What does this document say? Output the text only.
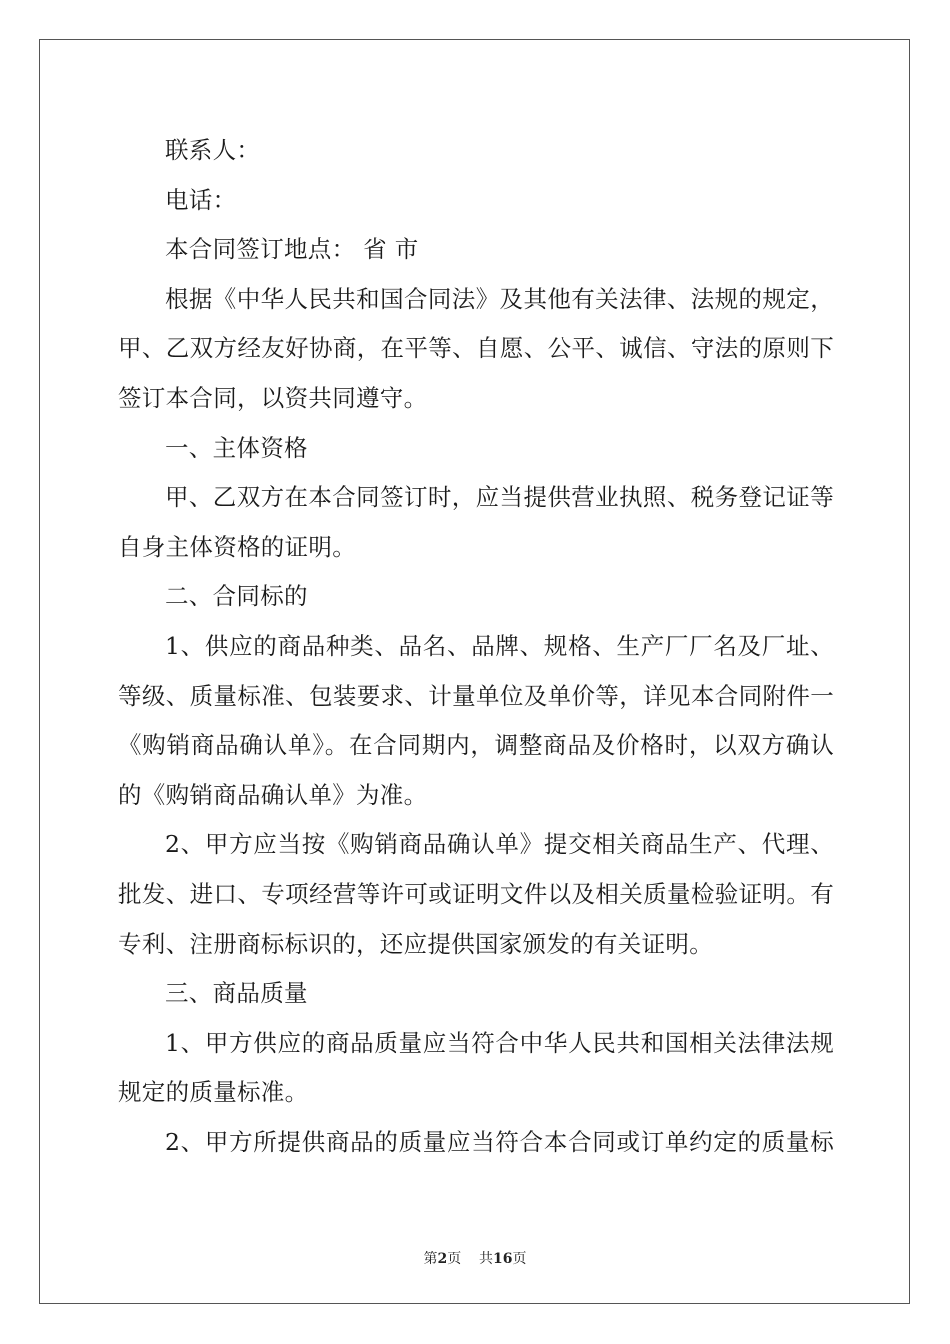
联系人：
电话：
本合同签订地点： 省 市
根据《中华人民共和国合同法》及其他有关法律、法规的规定，
甲、乙双方经友好协商，在平等、自愿、公平、诚信、守法的原则下
签订本合同，以资共同遵守。
一、主体资格
甲、乙双方在本合同签订时，应当提供营业执照、税务登记证等
自身主体资格的证明。
二、合同标的
1、供应的商品种类、品名、品牌、规格、生产厂厂名及厂址、
等级、质量标准、包装要求、计量单位及单价等，详见本合同附件一
《购销商品确认单》。在合同期内，调整商品及价格时，以双方确认
的《购销商品确认单》为准。
2、甲方应当按《购销商品确认单》提交相关商品生产、代理、
批发、进口、专项经营等许可或证明文件以及相关质量检验证明。有
专利、注册商标标识的，还应提供国家颁发的有关证明。
三、商品质量
1、甲方供应的商品质量应当符合中华人民共和国相关法律法规
规定的质量标准。
2、甲方所提供商品的质量应当符合本合同或订单约定的质量标
第2页 共16页
